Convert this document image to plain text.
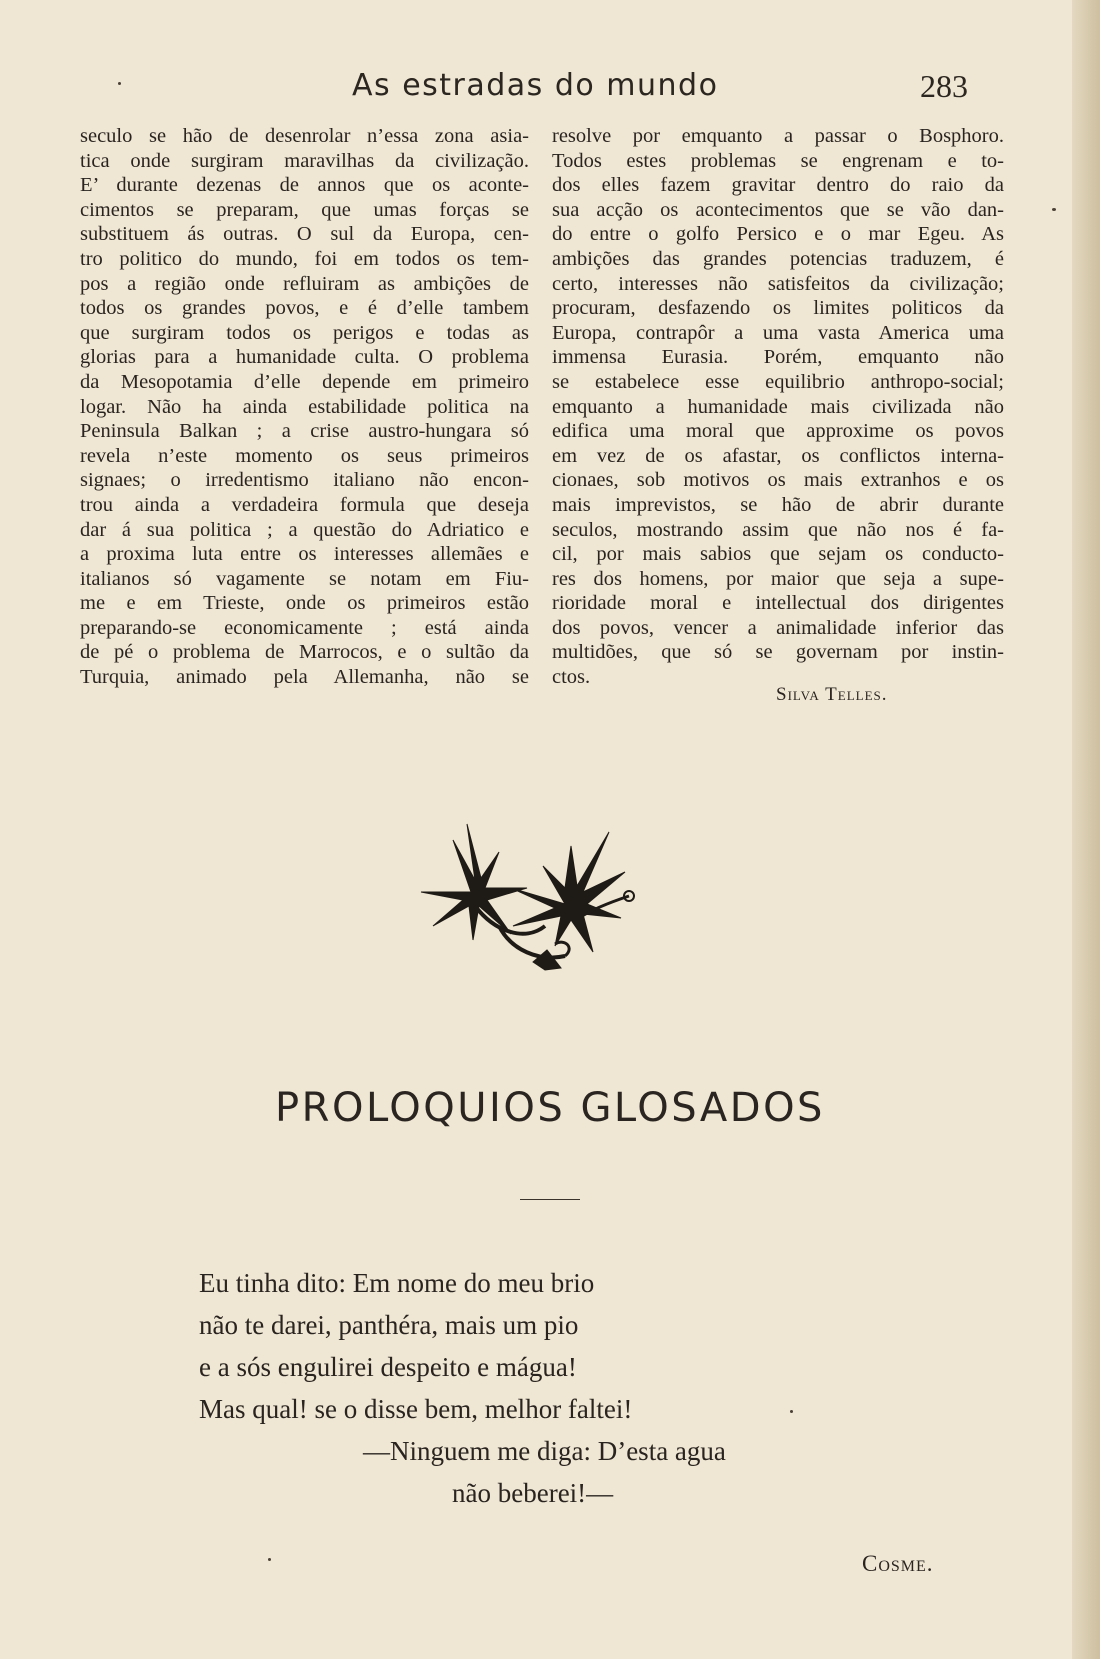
As estradas do mundo	283
seculo se hão de desenrolar n’essa zona asia-
tica onde surgiram maravilhas da civilização.
E’ durante dezenas de annos que os aconte-
cimentos se preparam, que umas forças se
substituem ás outras. O sul da Europa, cen-
tro politico do mundo, foi em todos os tem-
pos a região onde refluiram as ambições de
todos os grandes povos, e é d’elle tambem
que surgiram todos os perigos e todas as
glorias para a humanidade culta. O problema
da Mesopotamia d’elle depende em primeiro
logar. Não ha ainda estabilidade politica na
Peninsula Balkan ; a crise austro-hungara só
revela n’este momento os seus primeiros
signaes; o irredentismo italiano não encon-
trou ainda a verdadeira formula que deseja
dar á sua politica ; a questão do Adriatico e
a proxima luta entre os interesses allemães e
italianos só vagamente se notam em Fiu-
me e em Trieste, onde os primeiros estão
preparando-se economicamente ; está ainda
de pé o problema de Marrocos, e o sultão da
Turquia, animado pela Allemanha, não se
resolve por emquanto a passar o Bosphoro.
Todos estes problemas se engrenam e to-
dos elles fazem gravitar dentro do raio da
sua acção os acontecimentos que se vão dan-
do entre o golfo Persico e o mar Egeu. As
ambições das grandes potencias traduzem, é
certo, interesses não satisfeitos da civilização;
procuram, desfazendo os limites politicos da
Europa, contrapôr a uma vasta America uma
immensa Eurasia. Porém, emquanto não
se estabelece esse equilibrio anthropo-social;
emquanto a humanidade mais civilizada não
edifica uma moral que approxime os povos
em vez de os afastar, os conflictos interna-
cionaes, sob motivos os mais extranhos e os
mais imprevistos, se hão de abrir durante
seculos, mostrando assim que não nos é fa-
cil, por mais sabios que sejam os conducto-
res dos homens, por maior que seja a supe-
rioridade moral e intellectual dos dirigentes
dos povos, vencer a animalidade inferior das
multidões, que só se governam por instin-
ctos.
Silva Telles.
PROLOQUIOS GLOSADOS
Eu tinha dito: Em nome do meu brio
não te darei, panthéra, mais um pio
e a sós engulirei despeito e mágua!
Mas qual! se o disse bem, melhor faltei!
—Ninguem me diga: D’esta agua
não beberei!—
Cosme.
